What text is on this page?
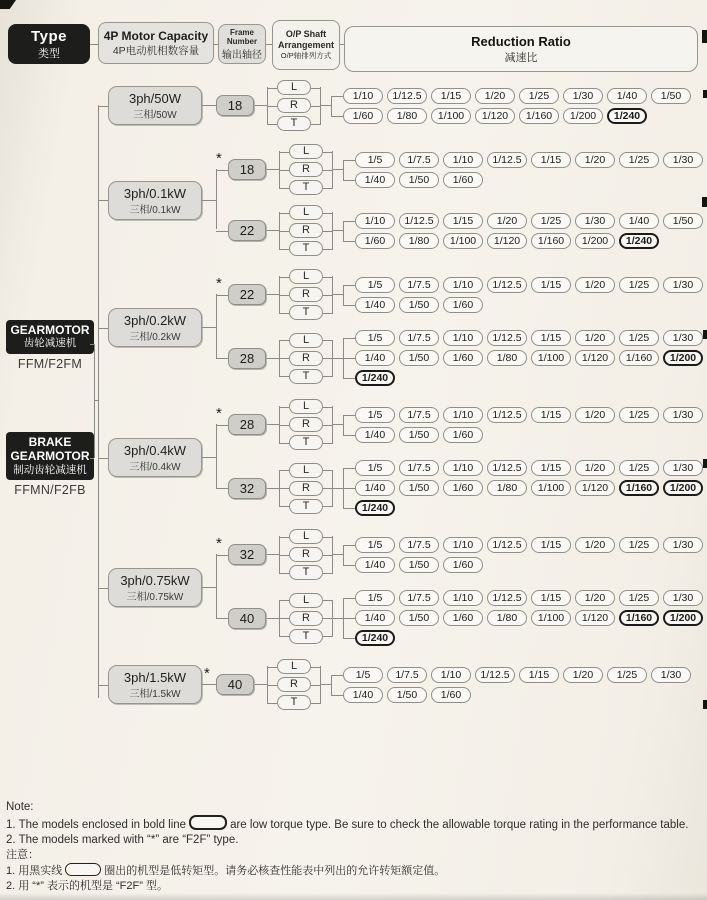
Type
类型
4P Motor Capacity
4P电动机相数容量
Frame Number
输出轴径
O/P Shaft
Arrangement
O/P轴排列方式
Reduction Ratio
减速比
GEARMOTOR
齿轮减速机
FFM/F2FM
BRAKE
GEARMOTOR
制动齿轮减速机
FFMN/F2FB
3ph/50W
三相/50W
18
L
R
T
1/10	1/12.5	1/15	1/20	1/25	1/30	1/40	1/50
1/60	1/80	1/100	1/120	1/160	1/200	1/240
3ph/0.1kW
三相/0.1kW
*
18
L
R
T
1/5	1/7.5	1/10	1/12.5	1/15	1/20	1/25	1/30
1/40	1/50	1/60
22
L
R
T
1/10	1/12.5	1/15	1/20	1/25	1/30	1/40	1/50
1/60	1/80	1/100	1/120	1/160	1/200	1/240
3ph/0.2kW
三相/0.2kW
*
22
L
R
T
1/5	1/7.5	1/10	1/12.5	1/15	1/20	1/25	1/30
1/40	1/50	1/60
28
L
R
T
1/5	1/7.5	1/10	1/12.5	1/15	1/20	1/25	1/30
1/40	1/50	1/60	1/80	1/100	1/120	1/160	1/200
1/240
3ph/0.4kW
三相/0.4kW
*
28
L
R
T
1/5	1/7.5	1/10	1/12.5	1/15	1/20	1/25	1/30
1/40	1/50	1/60
32
L
R
T
1/5	1/7.5	1/10	1/12.5	1/15	1/20	1/25	1/30
1/40	1/50	1/60	1/80	1/100	1/120	1/160	1/200
1/240
3ph/0.75kW
三相/0.75kW
*
32
L
R
T
1/5	1/7.5	1/10	1/12.5	1/15	1/20	1/25	1/30
1/40	1/50	1/60
40
L
R
T
1/5	1/7.5	1/10	1/12.5	1/15	1/20	1/25	1/30
1/40	1/50	1/60	1/80	1/100	1/120	1/160	1/200
1/240
3ph/1.5kW
三相/1.5kW
*
40
L
R
T
1/5	1/7.5	1/10	1/12.5	1/15	1/20	1/25	1/30
1/40	1/50	1/60
Note:
1. The models enclosed in bold line	are low torque type. Be sure to check the allowable torque rating in the performance table.
2. The models marked with “*” are “F2F” type.
注意：
1. 用黑实线	圈出的机型是低转矩型。请务必核查性能表中列出的允许转矩额定值。
2. 用 “*” 表示的机型是 “F2F” 型。
